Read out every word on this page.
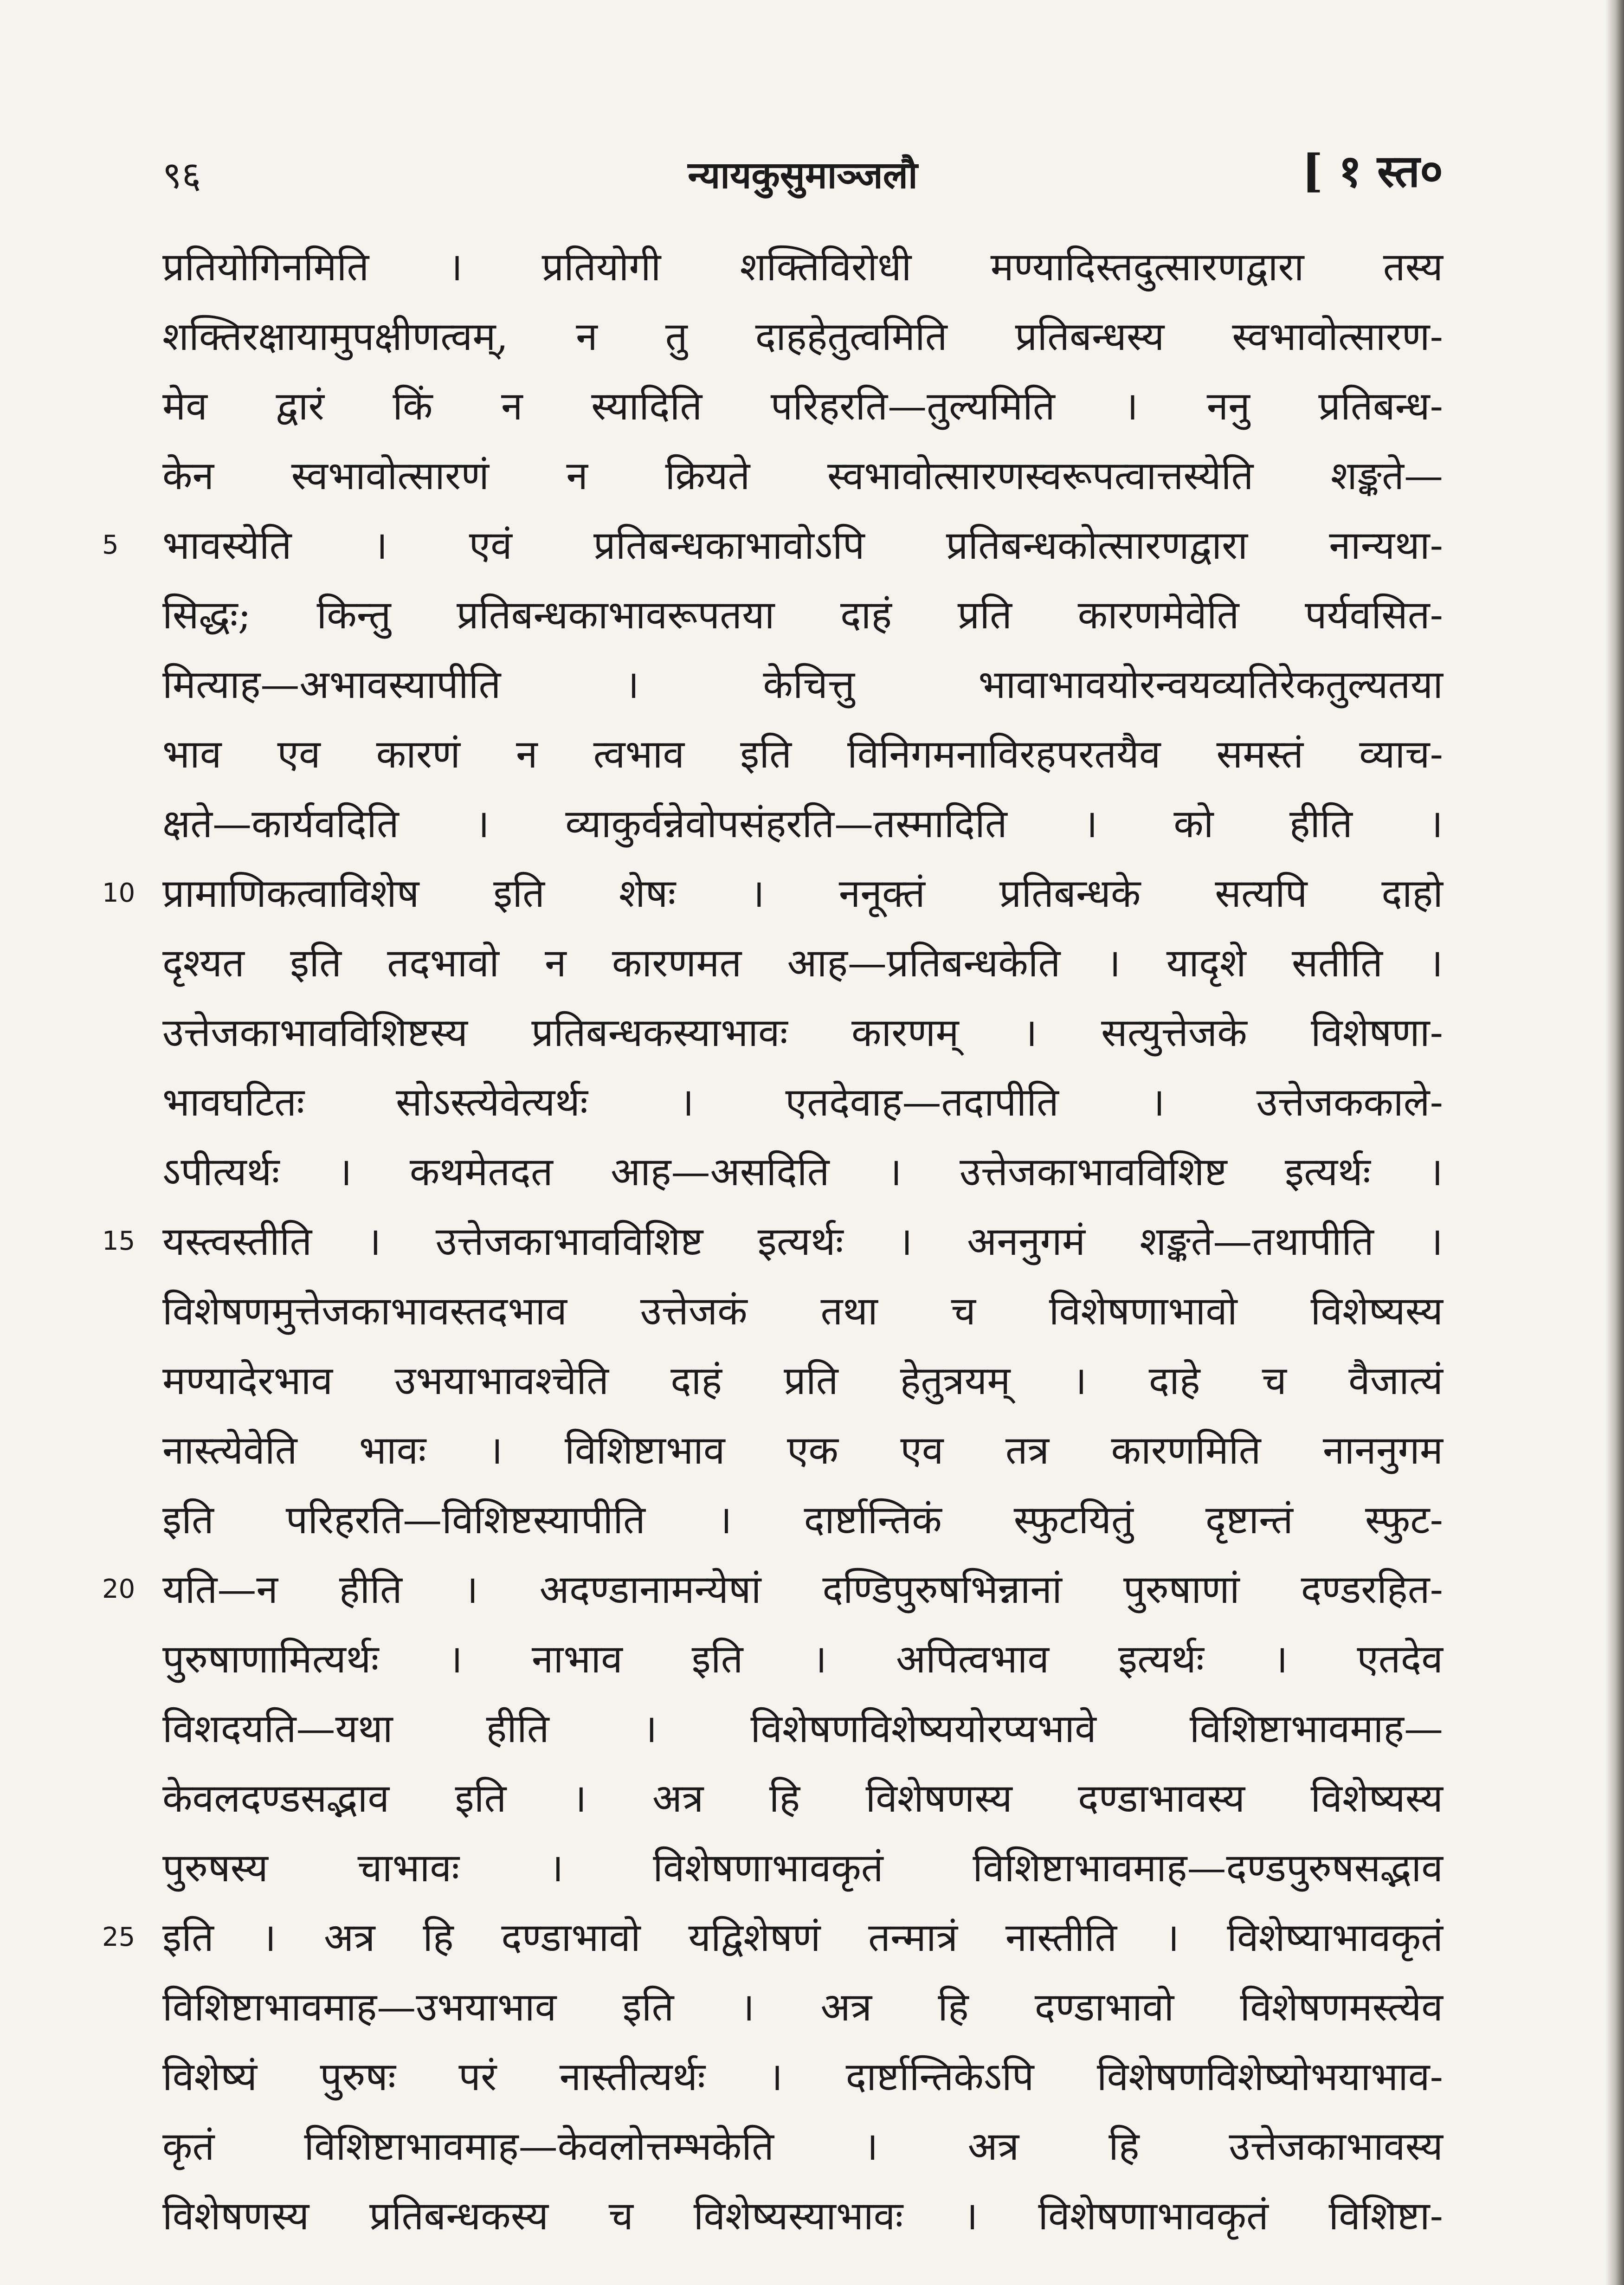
९६	न्यायकुसुमाञ्जलौ	[ १ स्त०
प्रतियोगिनमिति । प्रतियोगी शक्तिविरोधी मण्यादिस्तदुत्सारणद्वारा तस्य
शक्तिरक्षायामुपक्षीणत्वम्, न तु दाहहेतुत्वमिति प्रतिबन्धस्य स्वभावोत्सारण-
मेव द्वारं किं न स्यादिति परिहरति—तुल्यमिति । ननु प्रतिबन्ध-
केन स्वभावोत्सारणं न क्रियते स्वभावोत्सारणस्वरूपत्वात्तस्येति शङ्कते—
5	भावस्येति । एवं प्रतिबन्धकाभावोऽपि प्रतिबन्धकोत्सारणद्वारा नान्यथा-
सिद्धः; किन्तु प्रतिबन्धकाभावरूपतया दाहं प्रति कारणमेवेति पर्यवसित-
मित्याह—अभावस्यापीति । केचित्तु भावाभावयोरन्वयव्यतिरेकतुल्यतया
भाव एव कारणं न त्वभाव इति विनिगमनाविरहपरतयैव समस्तं व्याच-
क्षते—कार्यवदिति । व्याकुर्वन्नेवोपसंहरति—तस्मादिति । को हीति ।
10 प्रामाणिकत्वाविशेष इति शेषः । ननूक्तं प्रतिबन्धके सत्यपि दाहो
दृश्यत इति तदभावो न कारणमत आह—प्रतिबन्धकेति । यादृशे सतीति ।
उत्तेजकाभावविशिष्टस्य प्रतिबन्धकस्याभावः कारणम् । सत्युत्तेजके विशेषणा-
भावघटितः सोऽस्त्येवेत्यर्थः । एतदेवाह—तदापीति । उत्तेजककाले-
ऽपीत्यर्थः । कथमेतदत आह—असदिति । उत्तेजकाभावविशिष्ट इत्यर्थः ।
15 यस्त्वस्तीति । उत्तेजकाभावविशिष्ट इत्यर्थः । अननुगमं शङ्कते—तथापीति ।
विशेषणमुत्तेजकाभावस्तदभाव उत्तेजकं तथा च विशेषणाभावो विशेष्यस्य
मण्यादेरभाव उभयाभावश्चेति दाहं प्रति हेतुत्रयम् । दाहे च वैजात्यं
नास्त्येवेति भावः । विशिष्टाभाव एक एव तत्र कारणमिति नाननुगम
इति परिहरति—विशिष्टस्यापीति । दार्ष्टान्तिकं स्फुटयितुं दृष्टान्तं स्फुट-
20 यति—न हीति । अदण्डानामन्येषां दण्डिपुरुषभिन्नानां पुरुषाणां दण्डरहित-
पुरुषाणामित्यर्थः । नाभाव इति । अपित्वभाव इत्यर्थः । एतदेव
विशदयति—यथा हीति । विशेषणविशेष्ययोरप्यभावे विशिष्टाभावमाह—
केवलदण्डसद्भाव इति । अत्र हि विशेषणस्य दण्डाभावस्य विशेष्यस्य
पुरुषस्य चाभावः । विशेषणाभावकृतं विशिष्टाभावमाह—दण्डपुरुषसद्भाव
25 इति । अत्र हि दण्डाभावो यद्विशेषणं तन्मात्रं नास्तीति । विशेष्याभावकृतं
विशिष्टाभावमाह—उभयाभाव इति । अत्र हि दण्डाभावो विशेषणमस्त्येव
विशेष्यं पुरुषः परं नास्तीत्यर्थः । दार्ष्टान्तिकेऽपि विशेषणविशेष्योभयाभाव-
कृतं विशिष्टाभावमाह—केवलोत्तम्भकेति । अत्र हि उत्तेजकाभावस्य
विशेषणस्य प्रतिबन्धकस्य च विशेष्यस्याभावः । विशेषणाभावकृतं विशिष्टा-
